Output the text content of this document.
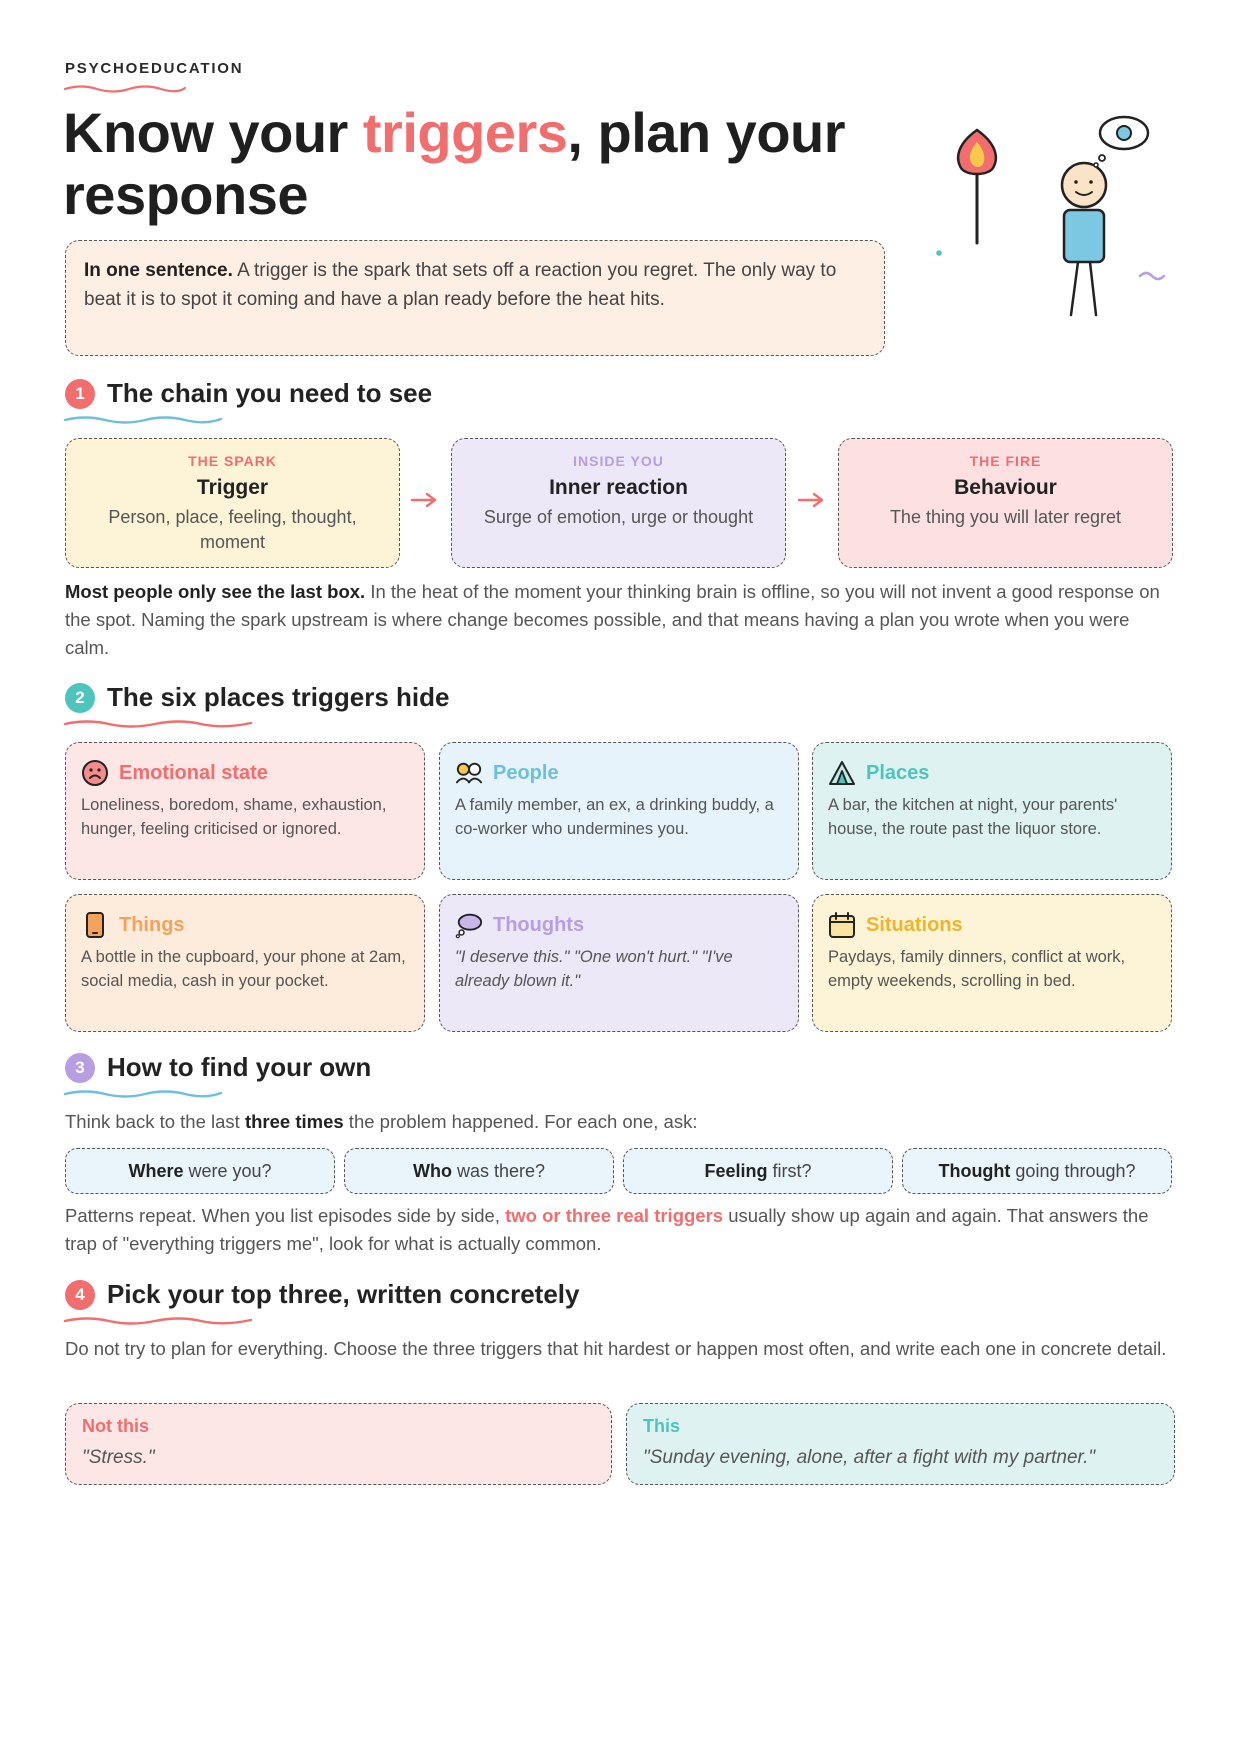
PSYCHOEDUCATION
Know your triggers, plan your response
In one sentence. A trigger is the spark that sets off a reaction you regret. The only way to beat it is to spot it coming and have a plan ready before the heat hits.
1 The chain you need to see
THE SPARK
Trigger
Person, place, feeling, thought, moment
INSIDE YOU
Inner reaction
Surge of emotion, urge or thought
THE FIRE
Behaviour
The thing you will later regret
Most people only see the last box. In the heat of the moment your thinking brain is offline, so you will not invent a good response on the spot. Naming the spark upstream is where change becomes possible, and that means having a plan you wrote when you were calm.
2 The six places triggers hide
Emotional state
Loneliness, boredom, shame, exhaustion, hunger, feeling criticised or ignored.
People
A family member, an ex, a drinking buddy, a co-worker who undermines you.
Places
A bar, the kitchen at night, your parents' house, the route past the liquor store.
Things
A bottle in the cupboard, your phone at 2am, social media, cash in your pocket.
Thoughts
"I deserve this." "One won't hurt." "I've already blown it."
Situations
Paydays, family dinners, conflict at work, empty weekends, scrolling in bed.
3 How to find your own
Think back to the last three times the problem happened. For each one, ask:
Where were you?	Who was there?	Feeling first?	Thought going through?
Patterns repeat. When you list episodes side by side, two or three real triggers usually show up again and again. That answers the trap of "everything triggers me", look for what is actually common.
4 Pick your top three, written concretely
Do not try to plan for everything. Choose the three triggers that hit hardest or happen most often, and write each one in concrete detail.
Not this
"Stress."
This
"Sunday evening, alone, after a fight with my partner."
